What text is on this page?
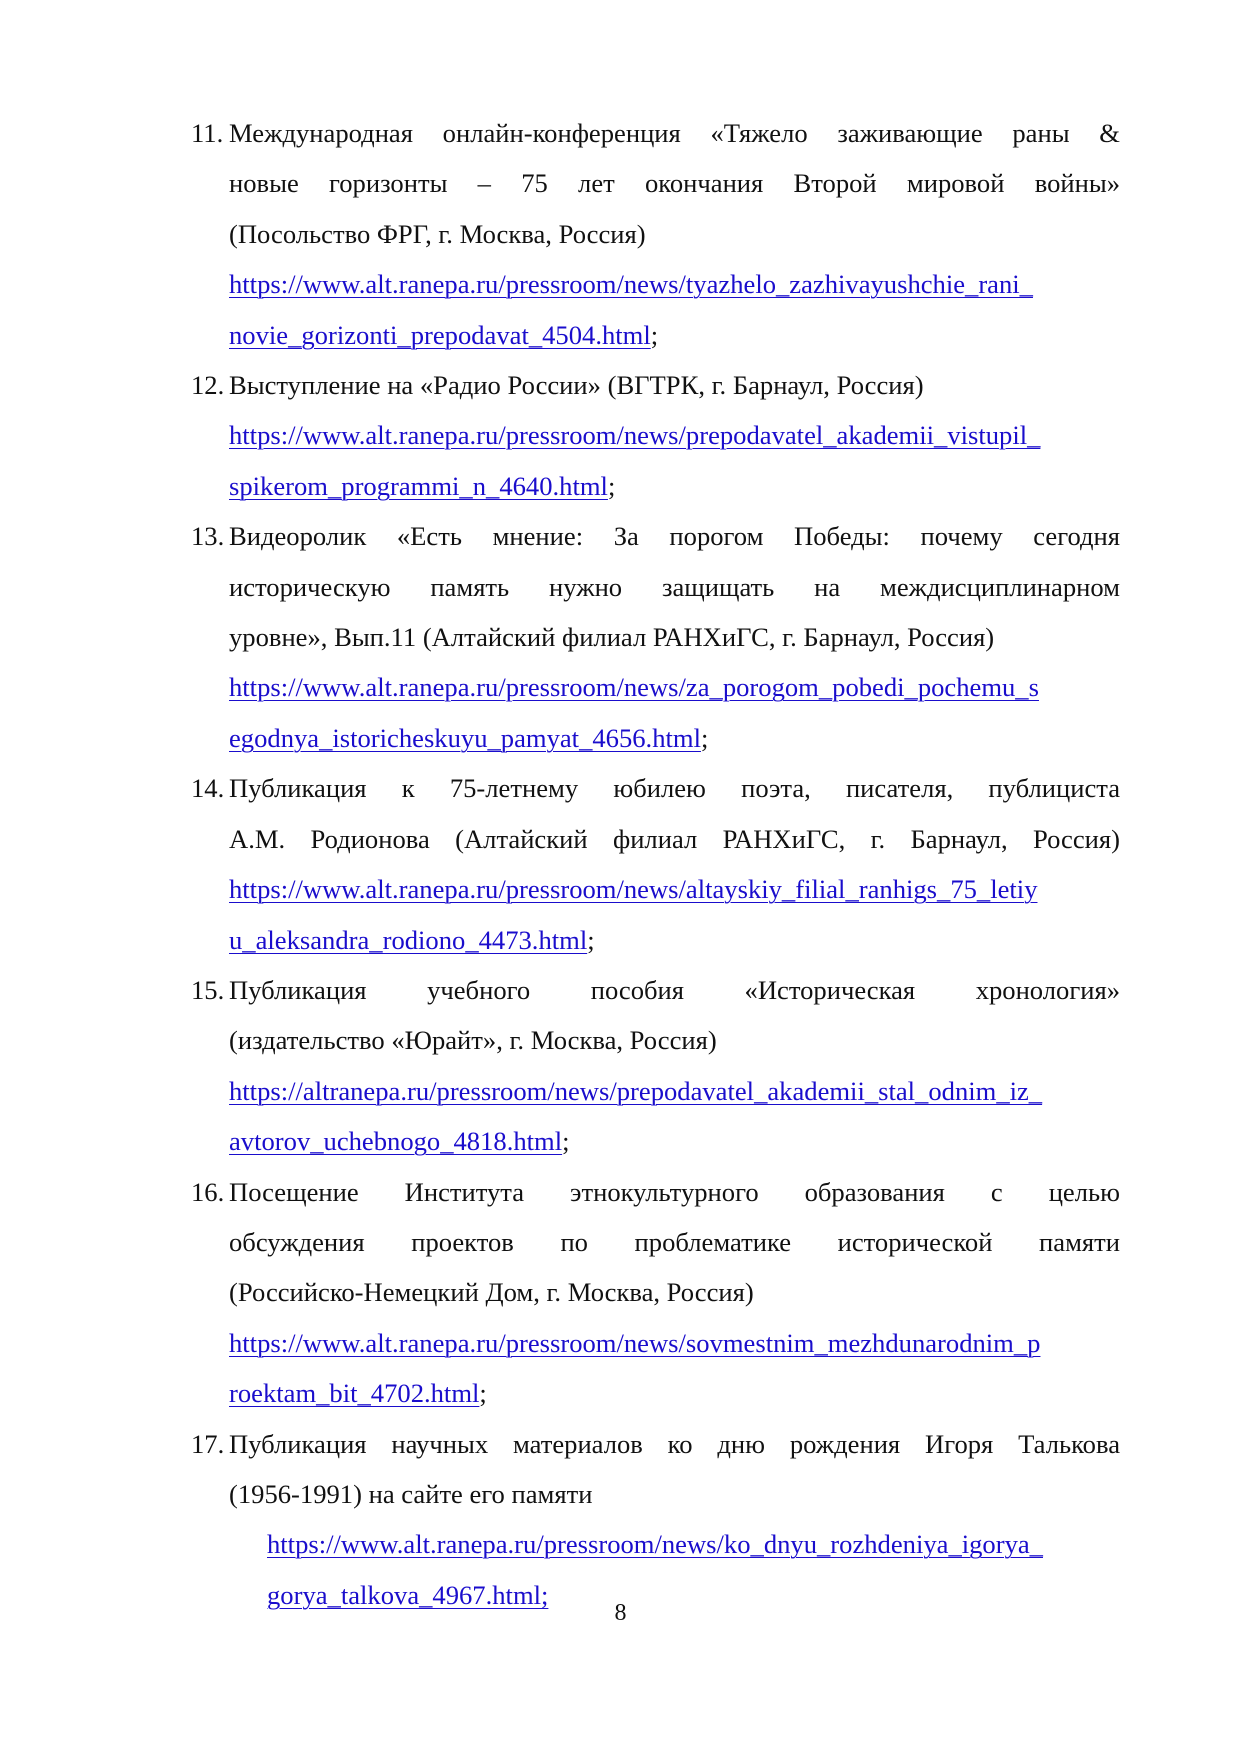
11. Международная онлайн-конференция «Тяжело заживающие раны &
новые горизонты – 75 лет окончания Второй мировой войны»
(Посольство ФРГ, г. Москва, Россия)
https://www.alt.ranepa.ru/pressroom/news/tyazhelo_zazhivayushchie_rani_
novie_gorizonti_prepodavat_4504.html;
12. Выступление на «Радио России» (ВГТРК, г. Барнаул, Россия)
https://www.alt.ranepa.ru/pressroom/news/prepodavatel_akademii_vistupil_
spikerom_programmi_n_4640.html;
13. Видеоролик «Есть мнение: За порогом Победы: почему сегодня
историческую память нужно защищать на междисциплинарном
уровне», Вып.11 (Алтайский филиал РАНХиГС, г. Барнаул, Россия)
https://www.alt.ranepa.ru/pressroom/news/za_porogom_pobedi_pochemu_s
egodnya_istoricheskuyu_pamyat_4656.html;
14. Публикация к 75-летнему юбилею поэта, писателя, публициста
А.М. Родионова (Алтайский филиал РАНХиГС, г. Барнаул, Россия)
https://www.alt.ranepa.ru/pressroom/news/altayskiy_filial_ranhigs_75_letiy
u_aleksandra_rodiono_4473.html;
15. Публикация учебного пособия «Историческая хронология»
(издательство «Юрайт», г. Москва, Россия)
https://altranepa.ru/pressroom/news/prepodavatel_akademii_stal_odnim_iz_
avtorov_uchebnogo_4818.html;
16. Посещение Института этнокультурного образования с целью
обсуждения проектов по проблематике исторической памяти
(Российско-Немецкий Дом, г. Москва, Россия)
https://www.alt.ranepa.ru/pressroom/news/sovmestnim_mezhdunarodnim_p
roektam_bit_4702.html;
17. Публикация научных материалов ко дню рождения Игоря Талькова
(1956-1991) на сайте его памяти
https://www.alt.ranepa.ru/pressroom/news/ko_dnyu_rozhdeniya_igorya_
gorya_talkova_4967.html;
8
